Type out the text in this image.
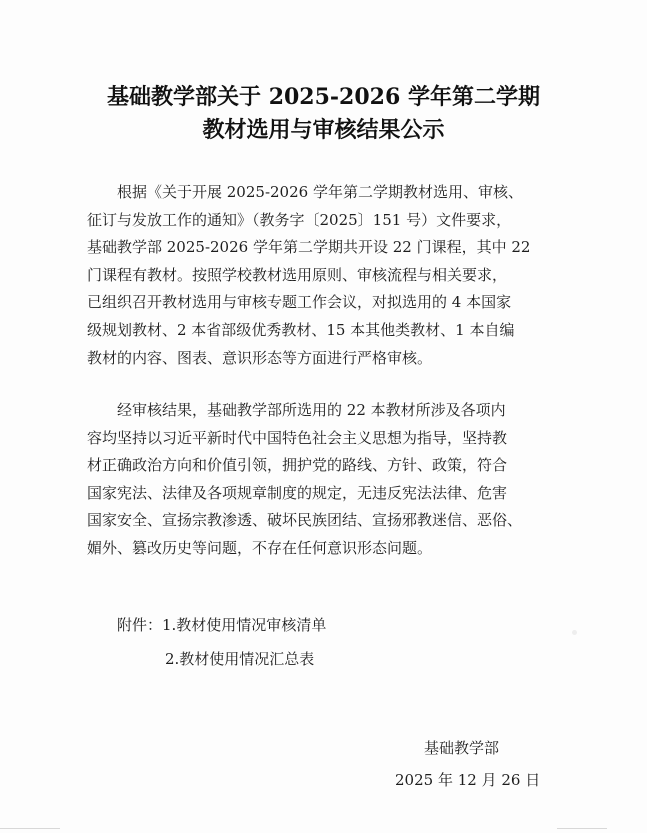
基础教学部关于 2025-2026 学年第二学期
教材选用与审核结果公示
根据《关于开展 2025-2026 学年第二学期教材选用、审核、
征订与发放工作的通知》（教务字〔2025〕151 号）文件要求，
基础教学部 2025-2026 学年第二学期共开设 22 门课程，其中 22
门课程有教材。按照学校教材选用原则、审核流程与相关要求，
已组织召开教材选用与审核专题工作会议，对拟选用的 4 本国家
级规划教材、2 本省部级优秀教材、15 本其他类教材、1 本自编
教材的内容、图表、意识形态等方面进行严格审核。
经审核结果，基础教学部所选用的 22 本教材所涉及各项内
容均坚持以习近平新时代中国特色社会主义思想为指导，坚持教
材正确政治方向和价值引领，拥护党的路线、方针、政策，符合
国家宪法、法律及各项规章制度的规定，无违反宪法法律、危害
国家安全、宣扬宗教渗透、破坏民族团结、宣扬邪教迷信、恶俗、
媚外、篡改历史等问题，不存在任何意识形态问题。
附件：1.教材使用情况审核清单
2.教材使用情况汇总表
基础教学部
2025 年 12 月 26 日
